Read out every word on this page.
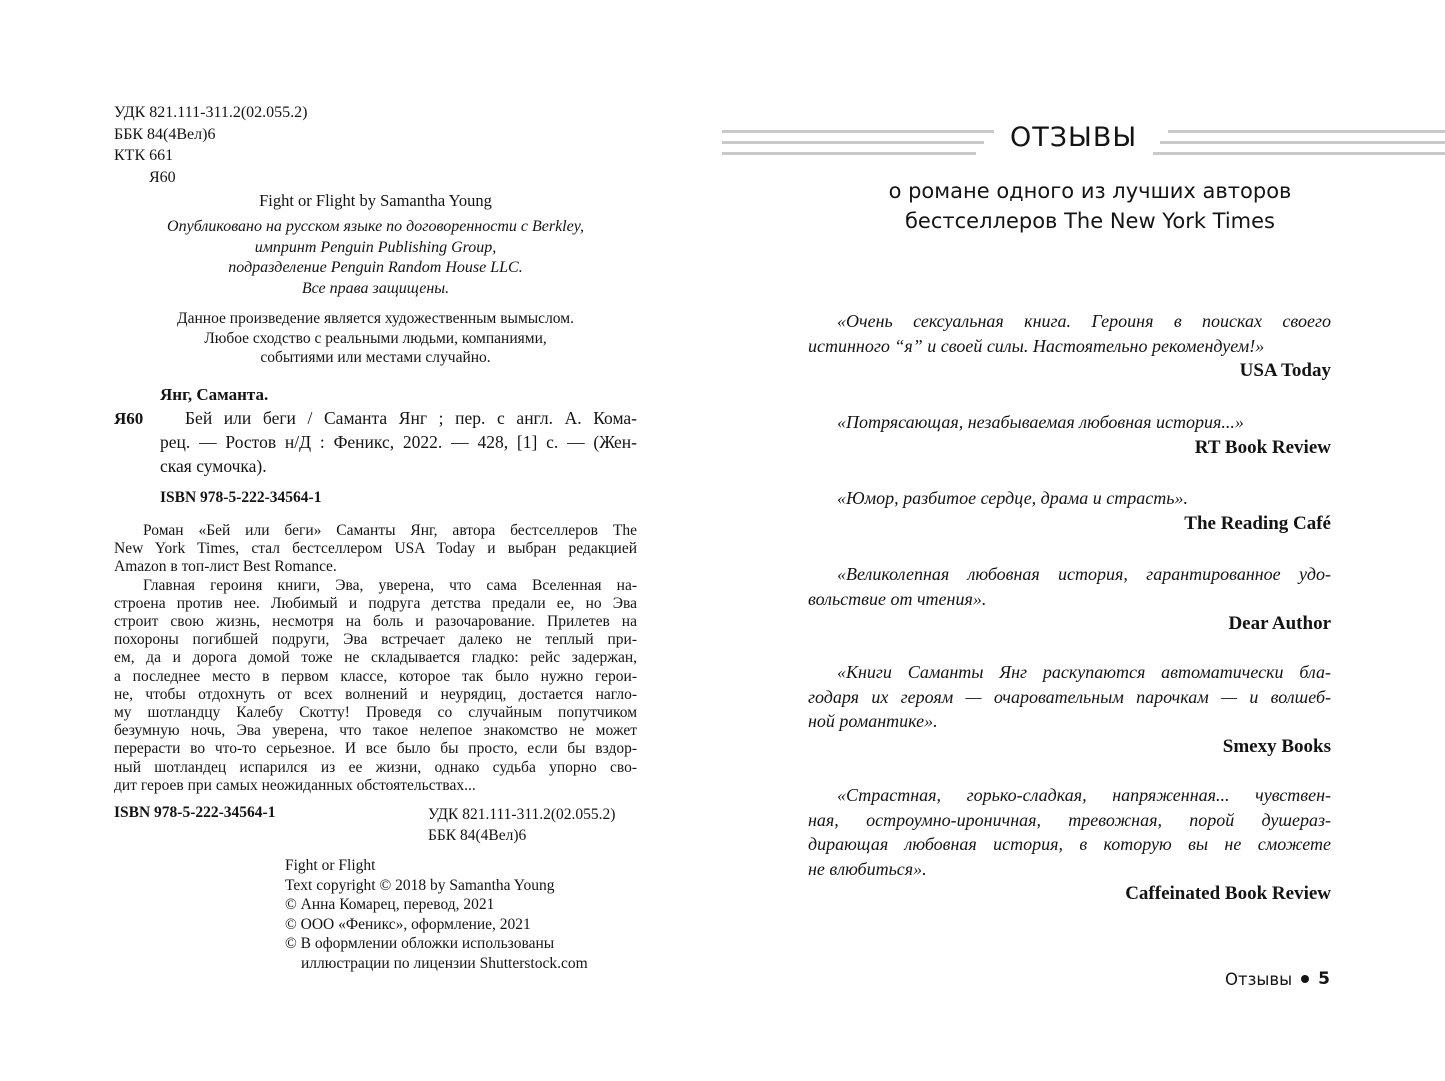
УДК 821.111-311.2(02.055.2)
ББК 84(4Вел)6
КТК 661
Я60
Fight or Flight by Samantha Young
Опубликовано на русском языке по договоренности с Berkley,
импринт Penguin Publishing Group,
подразделение Penguin Random House LLC.
Все права защищены.
Данное произведение является художественным вымыслом.
Любое сходство с реальными людьми, компаниями,
событиями или местами случайно.
Янг, Саманта.
Я60	Бей или беги / Саманта Янг ; пер. с англ. А. Кома-
рец. — Ростов н/Д : Феникс, 2022. — 428, [1] с. — (Жен-
ская сумочка).
ISBN 978-5-222-34564-1
Роман «Бей или беги» Саманты Янг, автора бестселлеров The
New York Times, стал бестселлером USA Today и выбран редакцией
Amazon в топ-лист Best Romance.
Главная героиня книги, Эва, уверена, что сама Вселенная на-
строена против нее. Любимый и подруга детства предали ее, но Эва
строит свою жизнь, несмотря на боль и разочарование. Прилетев на
похороны погибшей подруги, Эва встречает далеко не теплый при-
ем, да и дорога домой тоже не складывается гладко: рейс задержан,
а последнее место в первом классе, которое так было нужно герои-
не, чтобы отдохнуть от всех волнений и неурядиц, достается нагло-
му шотландцу Калебу Скотту! Проведя со случайным попутчиком
безумную ночь, Эва уверена, что такое нелепое знакомство не может
перерасти во что-то серьезное. И все было бы просто, если бы вздор-
ный шотландец испарился из ее жизни, однако судьба упорно сво-
дит героев при самых неожиданных обстоятельствах...
ISBN 978-5-222-34564-1	УДК 821.111-311.2(02.055.2)
ББК 84(4Вел)6
Fight or Flight
Text copyright © 2018 by Samantha Young
© Анна Комарец, перевод, 2021
© ООО «Феникс», оформление, 2021
© В оформлении обложки использованы
иллюстрации по лицензии Shutterstock.com
ОТЗЫВЫ
о романе одного из лучших авторов
бестселлеров The New York Times
«Очень сексуальная книга. Героиня в поисках своего
истинного “я” и своей силы. Настоятельно рекомендуем!»
USA Today
«Потрясающая, незабываемая любовная история...»
RT Book Review
«Юмор, разбитое сердце, драма и страсть».
The Reading Café
«Великолепная любовная история, гарантированное удо-
вольствие от чтения».
Dear Author
«Книги Саманты Янг раскупаются автоматически бла-
годаря их героям — очаровательным парочкам — и волшеб-
ной романтике».
Smexy Books
«Страстная, горько-сладкая, напряженная... чувствен-
ная, остроумно-ироничная, тревожная, порой душераз-
дирающая любовная история, в которую вы не сможете
не влюбиться».
Caffeinated Book Review
Отзывы 5
